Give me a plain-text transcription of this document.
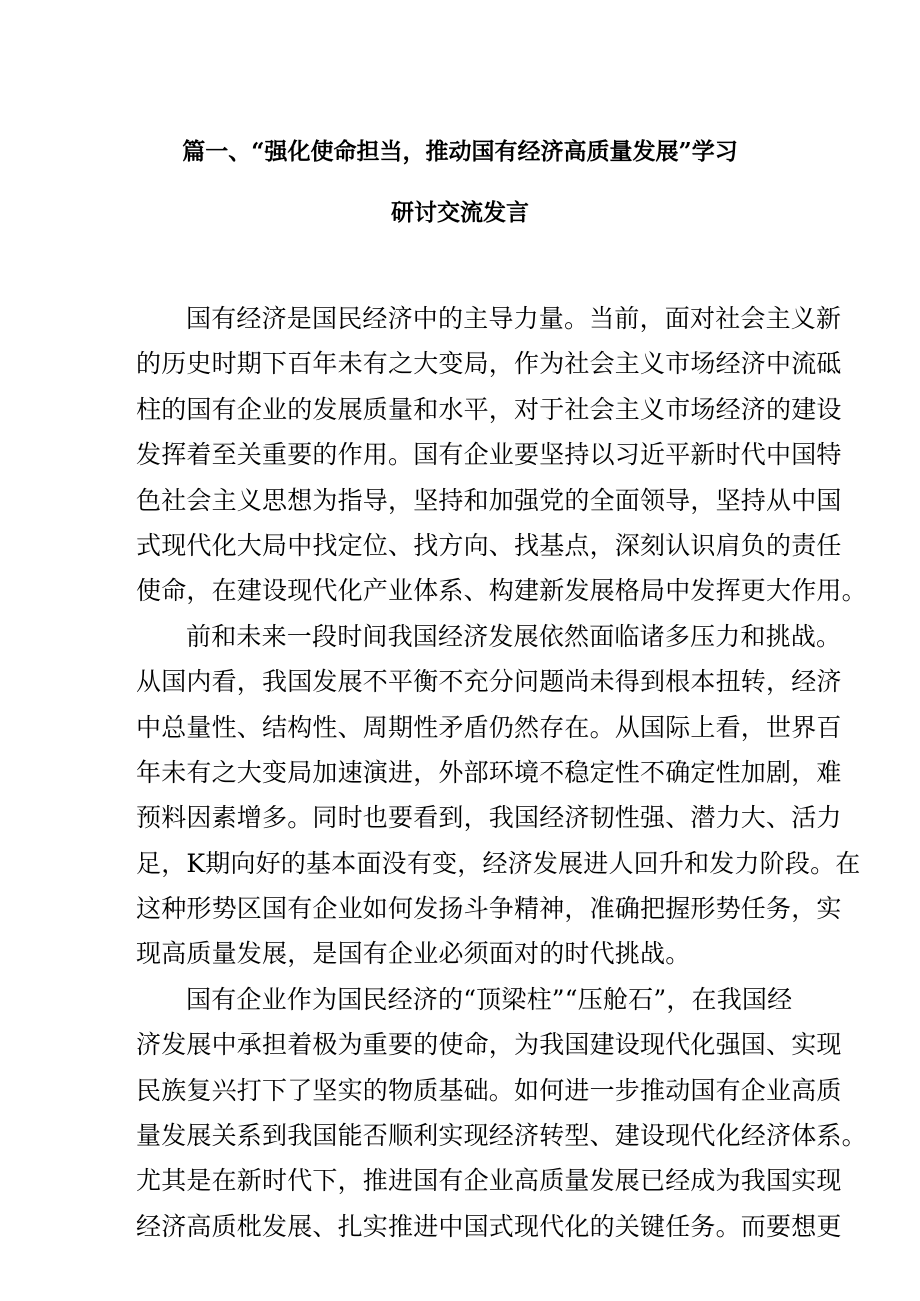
篇一、“强化使命担当，推动国有经济高质量发展”学习
研讨交流发言
国有经济是国民经济中的主导力量。当前，面对社会主义新
的历史时期下百年未有之大变局，作为社会主义市场经济中流砥
柱的国有企业的发展质量和水平，对于社会主义市场经济的建设
发挥着至关重要的作用。国有企业要坚持以习近平新时代中国特
色社会主义思想为指导，坚持和加强党的全面领导，坚持从中国
式现代化大局中找定位、找方向、找基点，深刻认识肩负的责任
使命，在建设现代化产业体系、构建新发展格局中发挥更大作用。
前和未来一段时间我国经济发展依然面临诸多压力和挑战。
从国内看，我国发展不平衡不充分问题尚未得到根本扭转，经济
中总量性、结构性、周期性矛盾仍然存在。从国际上看，世界百
年未有之大变局加速演进，外部环境不稳定性不确定性加剧，难
预料因素增多。同时也要看到，我国经济韧性强、潜力大、活力
足，K期向好的基本面没有变，经济发展进人回升和发力阶段。在
这种形势区国有企业如何发扬斗争精神，准确把握形势任务，实
现高质量发展，是国有企业必须面对的时代挑战。
国有企业作为国民经济的“顶梁柱”“压舱石”，在我国经
济发展中承担着极为重要的使命，为我国建设现代化强国、实现
民族复兴打下了坚实的物质基础。如何进一步推动国有企业高质
量发展关系到我国能否顺利实现经济转型、建设现代化经济体系。
尤其是在新时代下，推进国有企业高质量发展已经成为我国实现
经济高质枇发展、扎实推进中国式现代化的关键任务。而要想更
